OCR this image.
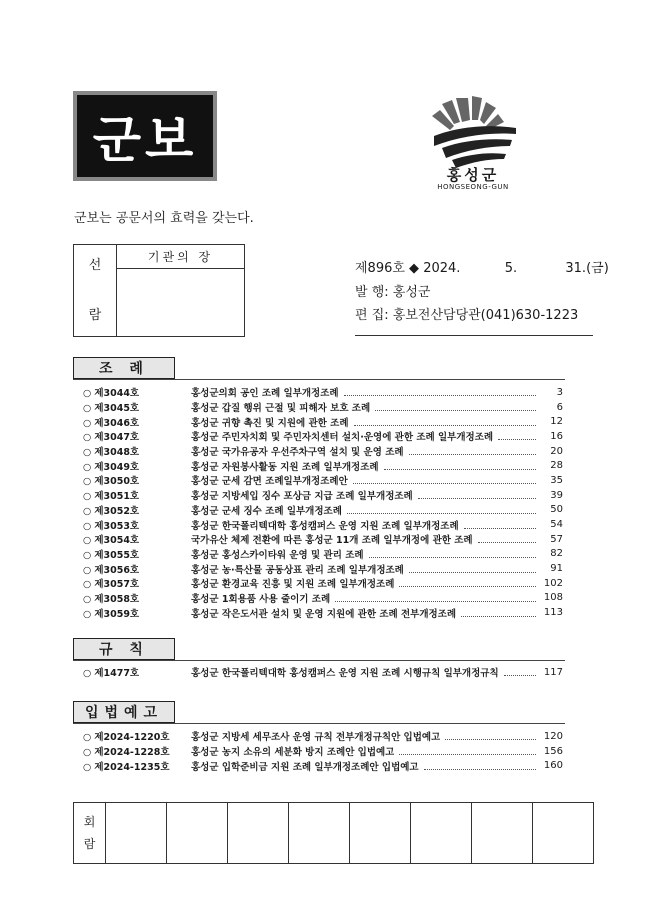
군보
홍성군
HONGSEONG-GUN
군보는 공문서의 효력을 갖는다.
선
람
	기관의 장

제896호 ◆ 2024.	5.	31.(금)
발 행: 홍성군
편 집: 홍보전산담당관(041)630-1223
조 례
○ 제3044호	홍성군의회 공인 조례 일부개정조례	3
○ 제3045호	홍성군 갑질 행위 근절 및 피해자 보호 조례	6
○ 제3046호	홍성군 귀향 촉진 및 지원에 관한 조례	12
○ 제3047호	홍성군 주민자치회 및 주민자치센터 설치·운영에 관한 조례 일부개정조례	16
○ 제3048호	홍성군 국가유공자 우선주차구역 설치 및 운영 조례	20
○ 제3049호	홍성군 자원봉사활동 지원 조례 일부개정조례	28
○ 제3050호	홍성군 군세 감면 조례일부개정조례안	35
○ 제3051호	홍성군 지방세입 징수 포상금 지급 조례 일부개정조례	39
○ 제3052호	홍성군 군세 징수 조례 일부개정조례	50
○ 제3053호	홍성군 한국폴리텍대학 홍성캠퍼스 운영 지원 조례 일부개정조례	54
○ 제3054호	국가유산 체제 전환에 따른 홍성군 11개 조례 일부개정에 관한 조례	57
○ 제3055호	홍성군 홍성스카이타워 운영 및 관리 조례	82
○ 제3056호	홍성군 농·특산물 공동상표 관리 조례 일부개정조례	91
○ 제3057호	홍성군 환경교육 진흥 및 지원 조례 일부개정조례	102
○ 제3058호	홍성군 1회용품 사용 줄이기 조례	108
○ 제3059호	홍성군 작은도서관 설치 및 운영 지원에 관한 조례 전부개정조례	113
규 칙
○ 제1477호	홍성군 한국폴리텍대학 홍성캠퍼스 운영 지원 조례 시행규칙 일부개정규칙	117
입법예고
○ 제2024-1220호	홍성군 지방세 세무조사 운영 규칙 전부개정규칙안 입법예고	120
○ 제2024-1228호	홍성군 농지 소유의 세분화 방지 조례안 입법예고	156
○ 제2024-1235호	홍성군 입학준비금 지원 조례 일부개정조례안 입법예고	160
회
람
